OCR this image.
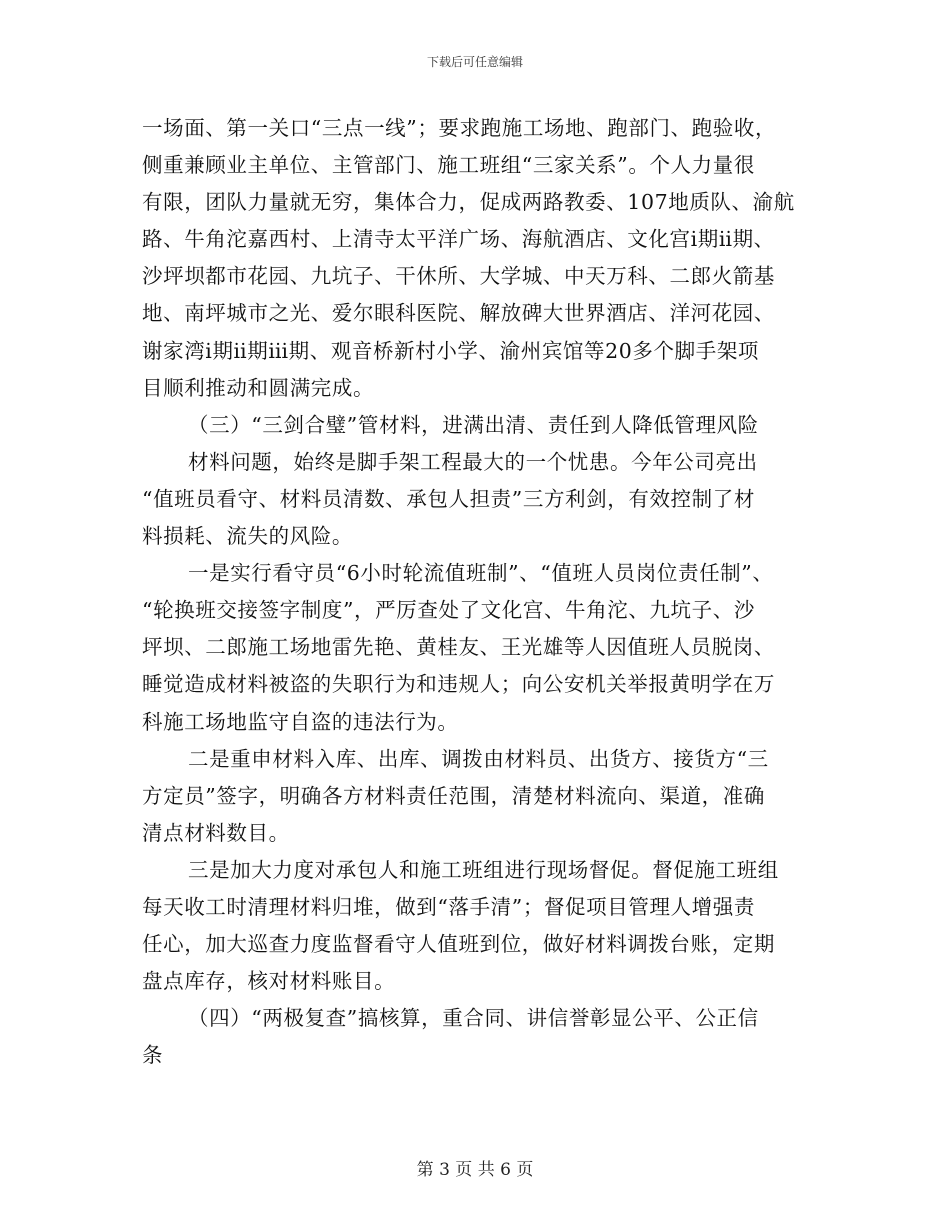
下载后可任意编辑
一场面、第一关口“三点一线”；要求跑施工场地、跑部门、跑验收，
侧重兼顾业主单位、主管部门、施工班组“三家关系”。个人力量很
有限，团队力量就无穷，集体合力，促成两路教委、107地质队、渝航
路、牛角沱嘉西村、上清寺太平洋广场、海航酒店、文化宫ⅰ期ⅱ期、
沙坪坝都市花园、九坑子、干休所、大学城、中天万科、二郎火箭基
地、南坪城市之光、爱尔眼科医院、解放碑大世界酒店、洋河花园、
谢家湾ⅰ期ⅱ期ⅲ期、观音桥新村小学、渝州宾馆等20多个脚手架项
目顺利推动和圆满完成。
（三）“三剑合璧”管材料，进满出清、责任到人降低管理风险
材料问题，始终是脚手架工程最大的一个忧患。今年公司亮出
“值班员看守、材料员清数、承包人担责”三方利剑，有效控制了材
料损耗、流失的风险。
一是实行看守员“6小时轮流值班制”、“值班人员岗位责任制”、
“轮换班交接签字制度”，严厉查处了文化宫、牛角沱、九坑子、沙
坪坝、二郎施工场地雷先艳、黄桂友、王光雄等人因值班人员脱岗、
睡觉造成材料被盗的失职行为和违规人；向公安机关举报黄明学在万
科施工场地监守自盗的违法行为。
二是重申材料入库、出库、调拨由材料员、出货方、接货方“三
方定员”签字，明确各方材料责任范围，清楚材料流向、渠道，准确
清点材料数目。
三是加大力度对承包人和施工班组进行现场督促。督促施工班组
每天收工时清理材料归堆，做到“落手清”；督促项目管理人增强责
任心，加大巡查力度监督看守人值班到位，做好材料调拨台账，定期
盘点库存，核对材料账目。
（四）“两极复查”搞核算，重合同、讲信誉彰显公平、公正信
条
第 3 页 共 6 页
